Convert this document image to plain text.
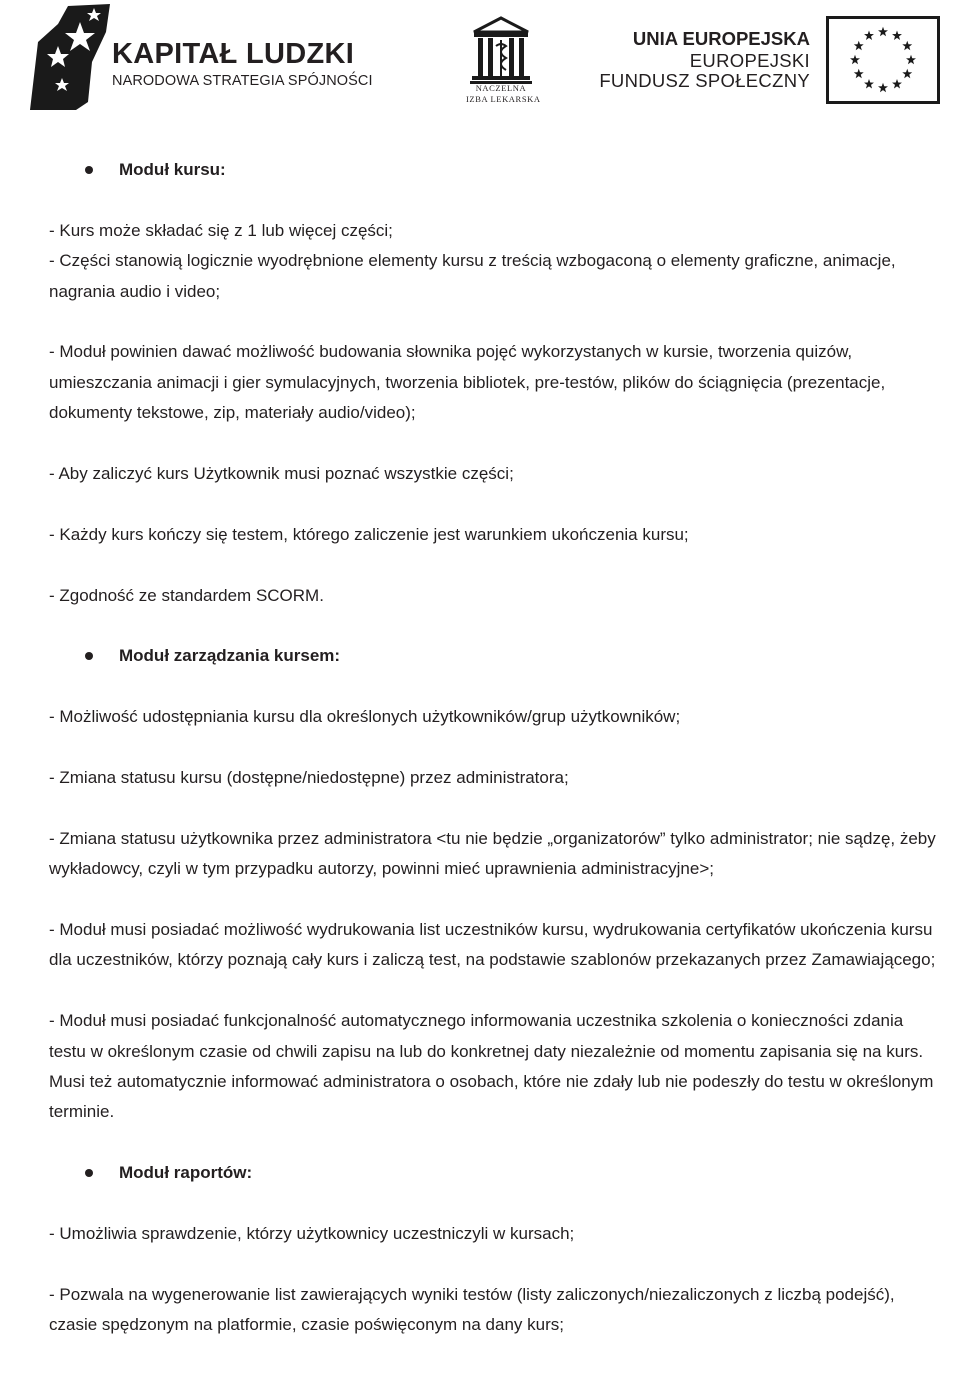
KAPITAŁ LUDZKI
NARODOWA STRATEGIA SPÓJNOŚCI	NACZELNA
IZBA LEKARSKA
UNIA EUROPEJSKA
EUROPEJSKI
FUNDUSZ SPOŁECZNY

Moduł kursu:

- Kurs może składać się z 1 lub więcej części;

- Części stanowią logicznie wyodrębnione elementy kursu z treścią wzbogaconą o elementy graficzne, animacje, nagrania audio i video;

- Moduł powinien dawać możliwość budowania słownika pojęć wykorzystanych w kursie, tworzenia quizów, umieszczania animacji i gier symulacyjnych, tworzenia bibliotek, pre-testów, plików do ściągnięcia (prezentacje, dokumenty tekstowe, zip, materiały audio/video);

- Aby zaliczyć kurs Użytkownik musi poznać wszystkie części;

- Każdy kurs kończy się testem, którego zaliczenie jest warunkiem ukończenia kursu;

- Zgodność ze standardem SCORM.

Moduł zarządzania kursem:

- Możliwość udostępniania kursu dla określonych użytkowników/grup użytkowników;

- Zmiana statusu kursu (dostępne/niedostępne) przez administratora;

- Zmiana statusu użytkownika przez administratora <tu nie będzie „organizatorów” tylko administrator; nie sądzę, żeby wykładowcy, czyli w tym przypadku autorzy, powinni mieć uprawnienia administracyjne>;

- Moduł musi posiadać możliwość wydrukowania list uczestników kursu, wydrukowania certyfikatów ukończenia kursu dla uczestników, którzy poznają cały kurs i zaliczą test, na podstawie szablonów przekazanych przez Zamawiającego;

- Moduł musi posiadać funkcjonalność automatycznego informowania uczestnika szkolenia o konieczności zdania testu w określonym czasie od chwili zapisu na lub do konkretnej daty niezależnie od momentu zapisania się na kurs. Musi też automatycznie informować administratora o osobach, które nie zdały lub nie podeszły do testu w określonym terminie.

Moduł raportów:

- Umożliwia sprawdzenie, którzy użytkownicy uczestniczyli w kursach;

- Pozwala na wygenerowanie list zawierających wyniki testów (listy zaliczonych/niezaliczonych z liczbą podejść), czasie spędzonym na platformie, czasie poświęconym na dany kurs;
